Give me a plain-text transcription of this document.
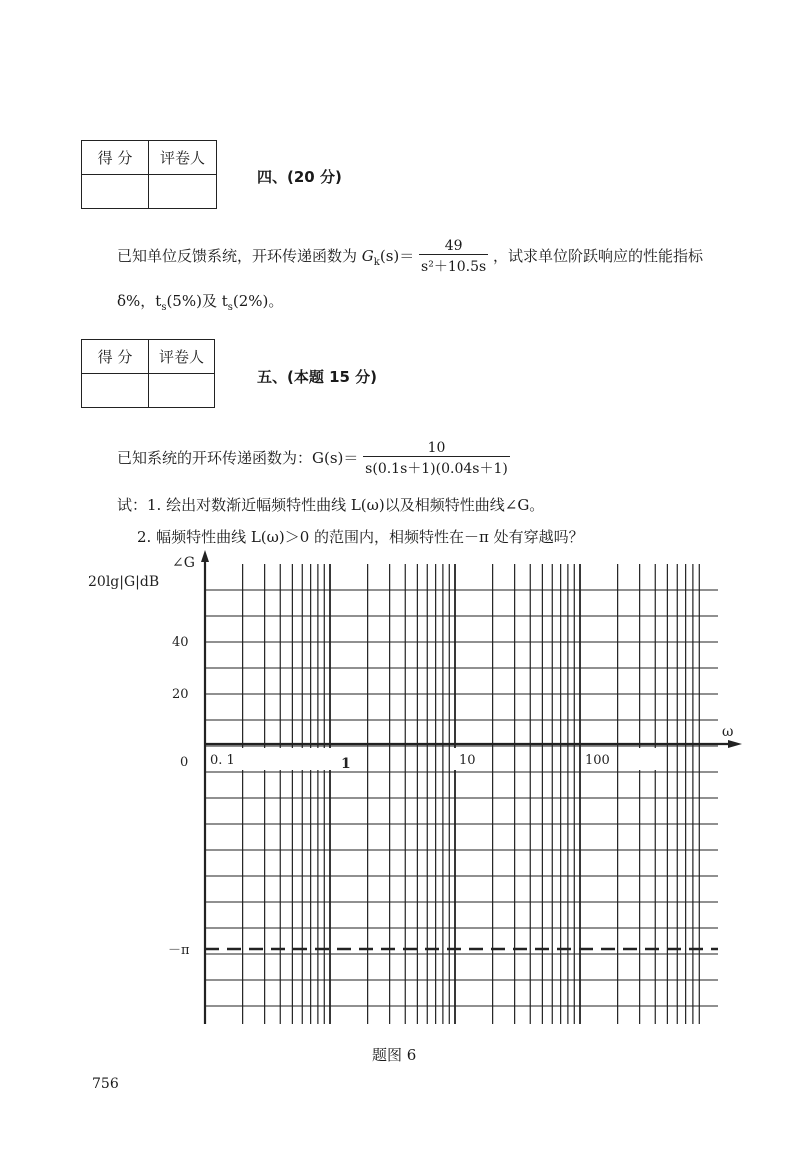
得 分	评卷人

四、(20 分)
已知单位反馈系统，开环传递函数为 $G_k(s)= \frac{49}{\text{s²＋10.5s}}$ ，试求单位阶跃响应的性能指标
δ%，$t_s(5\%)$及 $t_s(2\%)$。
得 分	评卷人

五、(本题 15 分)
已知系统的开环传递函数为：$G(s)= \frac{10}{s(0.1s+1)(0.04s+1)}$
试：1. 绘出对数渐近幅频特性曲线 L(ω)以及相频特性曲线∠G。
2. 幅频特性曲线 L(ω)＞0 的范围内，相频特性在－π 处有穿越吗？
∠G
20lg|G|dB
ω
40
20
0
－π
0. 1	1	10	100
题图 6
756
